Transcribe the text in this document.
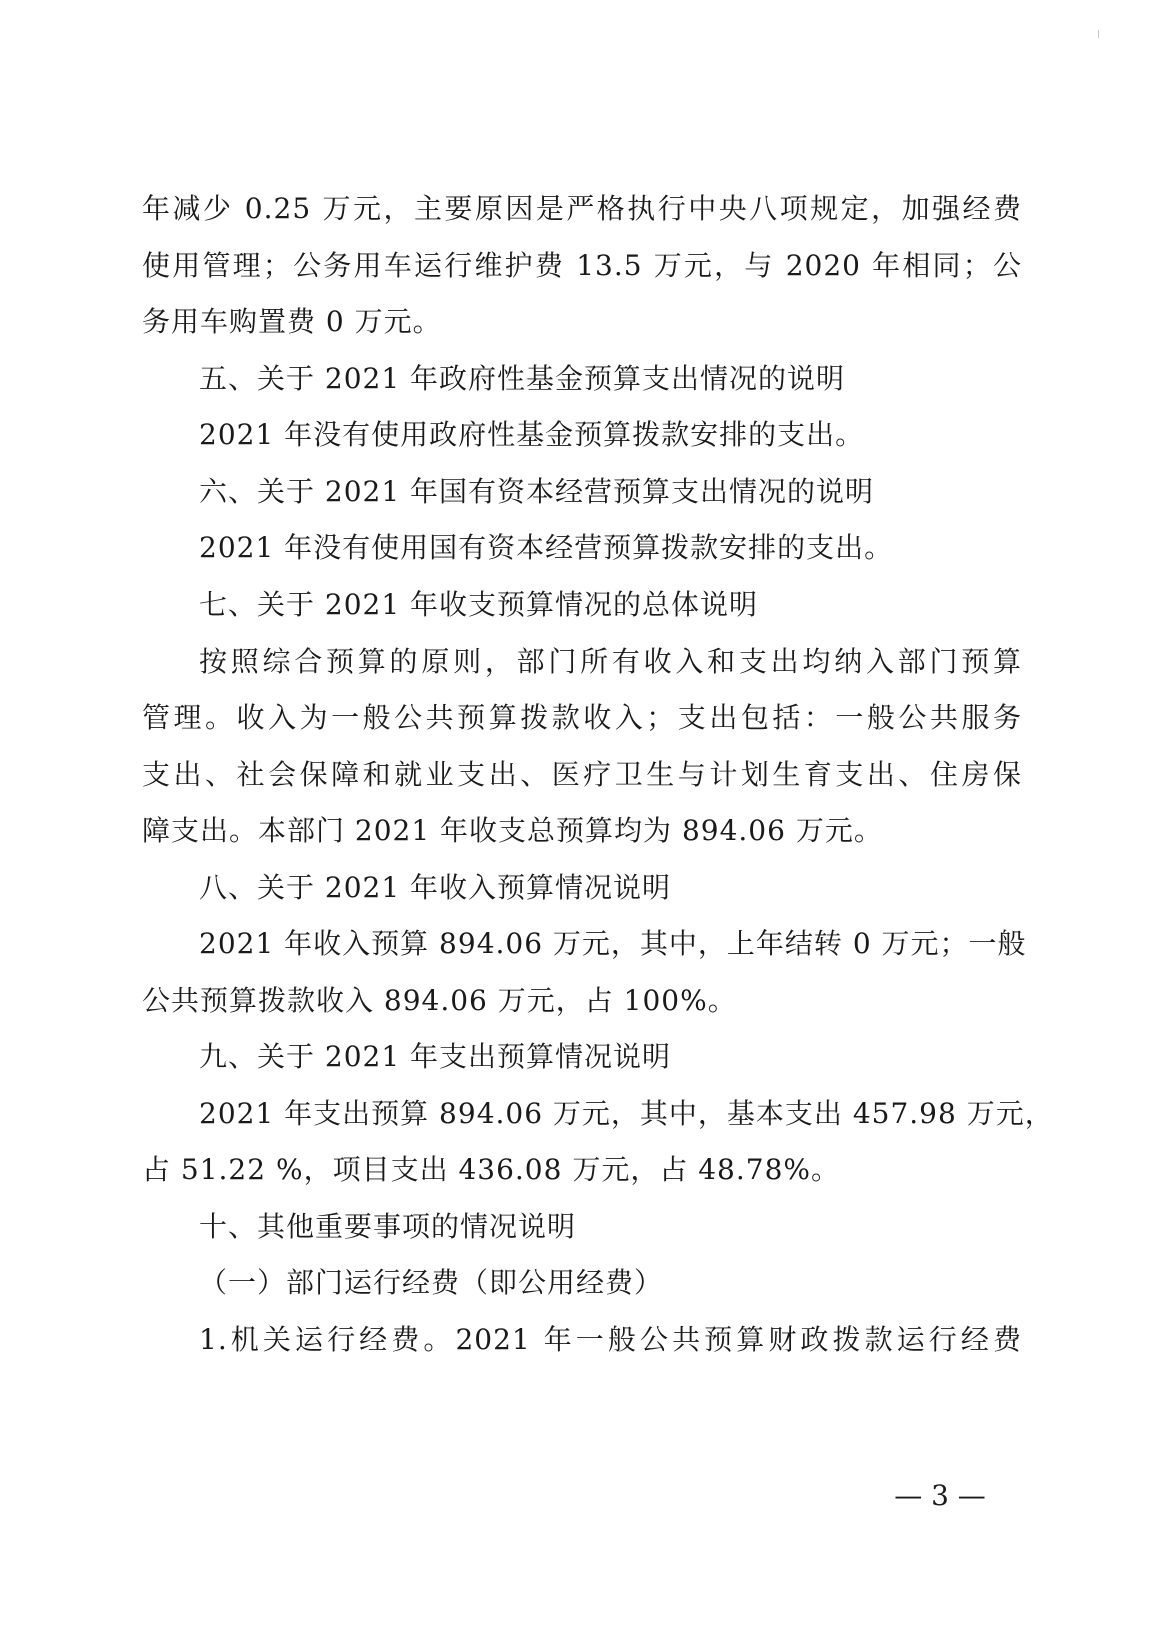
年减少 0.25 万元，主要原因是严格执行中央八项规定，加强经费
使用管理；公务用车运行维护费 13.5 万元，与 2020 年相同；公
务用车购置费 0 万元。
五、关于 2021 年政府性基金预算支出情况的说明
2021 年没有使用政府性基金预算拨款安排的支出。
六、关于 2021 年国有资本经营预算支出情况的说明
2021 年没有使用国有资本经营预算拨款安排的支出。
七、关于 2021 年收支预算情况的总体说明
按照综合预算的原则，部门所有收入和支出均纳入部门预算
管理。收入为一般公共预算拨款收入；支出包括：一般公共服务
支出、社会保障和就业支出、医疗卫生与计划生育支出、住房保
障支出。本部门 2021 年收支总预算均为 894.06 万元。
八、关于 2021 年收入预算情况说明
2021 年收入预算 894.06 万元，其中，上年结转 0 万元；一般
公共预算拨款收入 894.06 万元，占 100%。
九、关于 2021 年支出预算情况说明
2021 年支出预算 894.06 万元，其中，基本支出 457.98 万元，
占 51.22 %，项目支出 436.08 万元，占 48.78%。
十、其他重要事项的情况说明
（一）部门运行经费（即公用经费）
1.机关运行经费。2021 年一般公共预算财政拨款运行经费
— 3 —
